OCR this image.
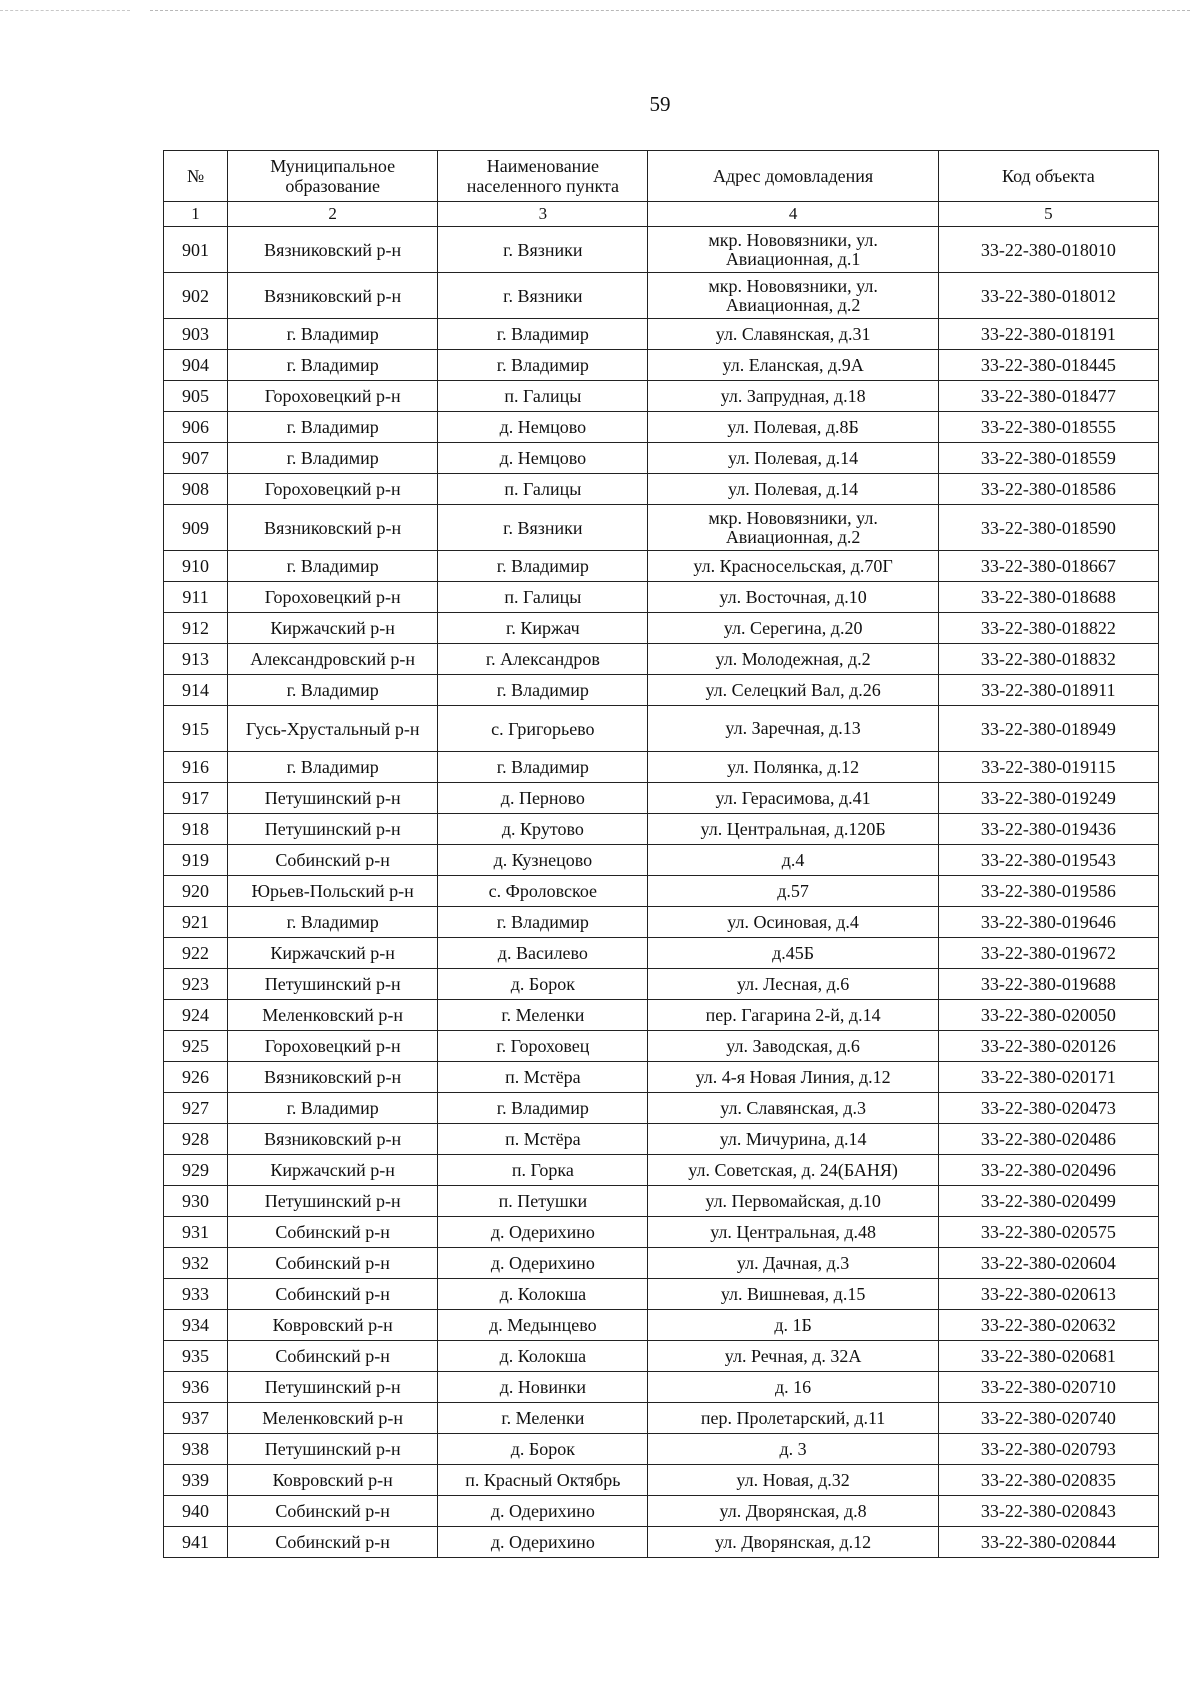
59
№	Муниципальное образование	Наименование населенного пункта	Адрес домовладения	Код объекта
1	2	3	4	5
901	Вязниковский р-н	г. Вязники	мкр. Нововязники, ул. Авиационная, д.1	33-22-380-018010
902	Вязниковский р-н	г. Вязники	мкр. Нововязники, ул. Авиационная, д.2	33-22-380-018012
903	г. Владимир	г. Владимир	ул. Славянская, д.31	33-22-380-018191
904	г. Владимир	г. Владимир	ул. Еланская, д.9А	33-22-380-018445
905	Гороховецкий р-н	п. Галицы	ул. Запрудная, д.18	33-22-380-018477
906	г. Владимир	д. Немцово	ул. Полевая, д.8Б	33-22-380-018555
907	г. Владимир	д. Немцово	ул. Полевая, д.14	33-22-380-018559
908	Гороховецкий р-н	п. Галицы	ул. Полевая, д.14	33-22-380-018586
909	Вязниковский р-н	г. Вязники	мкр. Нововязники, ул. Авиационная, д.2	33-22-380-018590
910	г. Владимир	г. Владимир	ул. Красносельская, д.70Г	33-22-380-018667
911	Гороховецкий р-н	п. Галицы	ул. Восточная, д.10	33-22-380-018688
912	Киржачский р-н	г. Киржач	ул. Серегина, д.20	33-22-380-018822
913	Александровский р-н	г. Александров	ул. Молодежная, д.2	33-22-380-018832
914	г. Владимир	г. Владимир	ул. Селецкий Вал, д.26	33-22-380-018911
915	Гусь-Хрустальный р-н	с. Григорьево	ул. Заречная, д.13	33-22-380-018949
916	г. Владимир	г. Владимир	ул. Полянка, д.12	33-22-380-019115
917	Петушинский р-н	д. Перново	ул. Герасимова, д.41	33-22-380-019249
918	Петушинский р-н	д. Крутово	ул. Центральная, д.120Б	33-22-380-019436
919	Собинский р-н	д. Кузнецово	д.4	33-22-380-019543
920	Юрьев-Польский р-н	с. Фроловское	д.57	33-22-380-019586
921	г. Владимир	г. Владимир	ул. Осиновая, д.4	33-22-380-019646
922	Киржачский р-н	д. Василево	д.45Б	33-22-380-019672
923	Петушинский р-н	д. Борок	ул. Лесная, д.6	33-22-380-019688
924	Меленковский р-н	г. Меленки	пер. Гагарина 2-й, д.14	33-22-380-020050
925	Гороховецкий р-н	г. Гороховец	ул. Заводская, д.6	33-22-380-020126
926	Вязниковский р-н	п. Мстёра	ул. 4-я Новая Линия, д.12	33-22-380-020171
927	г. Владимир	г. Владимир	ул. Славянская, д.3	33-22-380-020473
928	Вязниковский р-н	п. Мстёра	ул. Мичурина, д.14	33-22-380-020486
929	Киржачский р-н	п. Горка	ул. Советская, д. 24(БАНЯ)	33-22-380-020496
930	Петушинский р-н	п. Петушки	ул. Первомайская, д.10	33-22-380-020499
931	Собинский р-н	д. Одерихино	ул. Центральная, д.48	33-22-380-020575
932	Собинский р-н	д. Одерихино	ул. Дачная, д.3	33-22-380-020604
933	Собинский р-н	д. Колокша	ул. Вишневая, д.15	33-22-380-020613
934	Ковровский р-н	д. Медынцево	д. 1Б	33-22-380-020632
935	Собинский р-н	д. Колокша	ул. Речная, д. 32А	33-22-380-020681
936	Петушинский р-н	д. Новинки	д. 16	33-22-380-020710
937	Меленковский р-н	г. Меленки	пер. Пролетарский, д.11	33-22-380-020740
938	Петушинский р-н	д. Борок	д. 3	33-22-380-020793
939	Ковровский р-н	п. Красный Октябрь	ул. Новая, д.32	33-22-380-020835
940	Собинский р-н	д. Одерихино	ул. Дворянская, д.8	33-22-380-020843
941	Собинский р-н	д. Одерихино	ул. Дворянская, д.12	33-22-380-020844
